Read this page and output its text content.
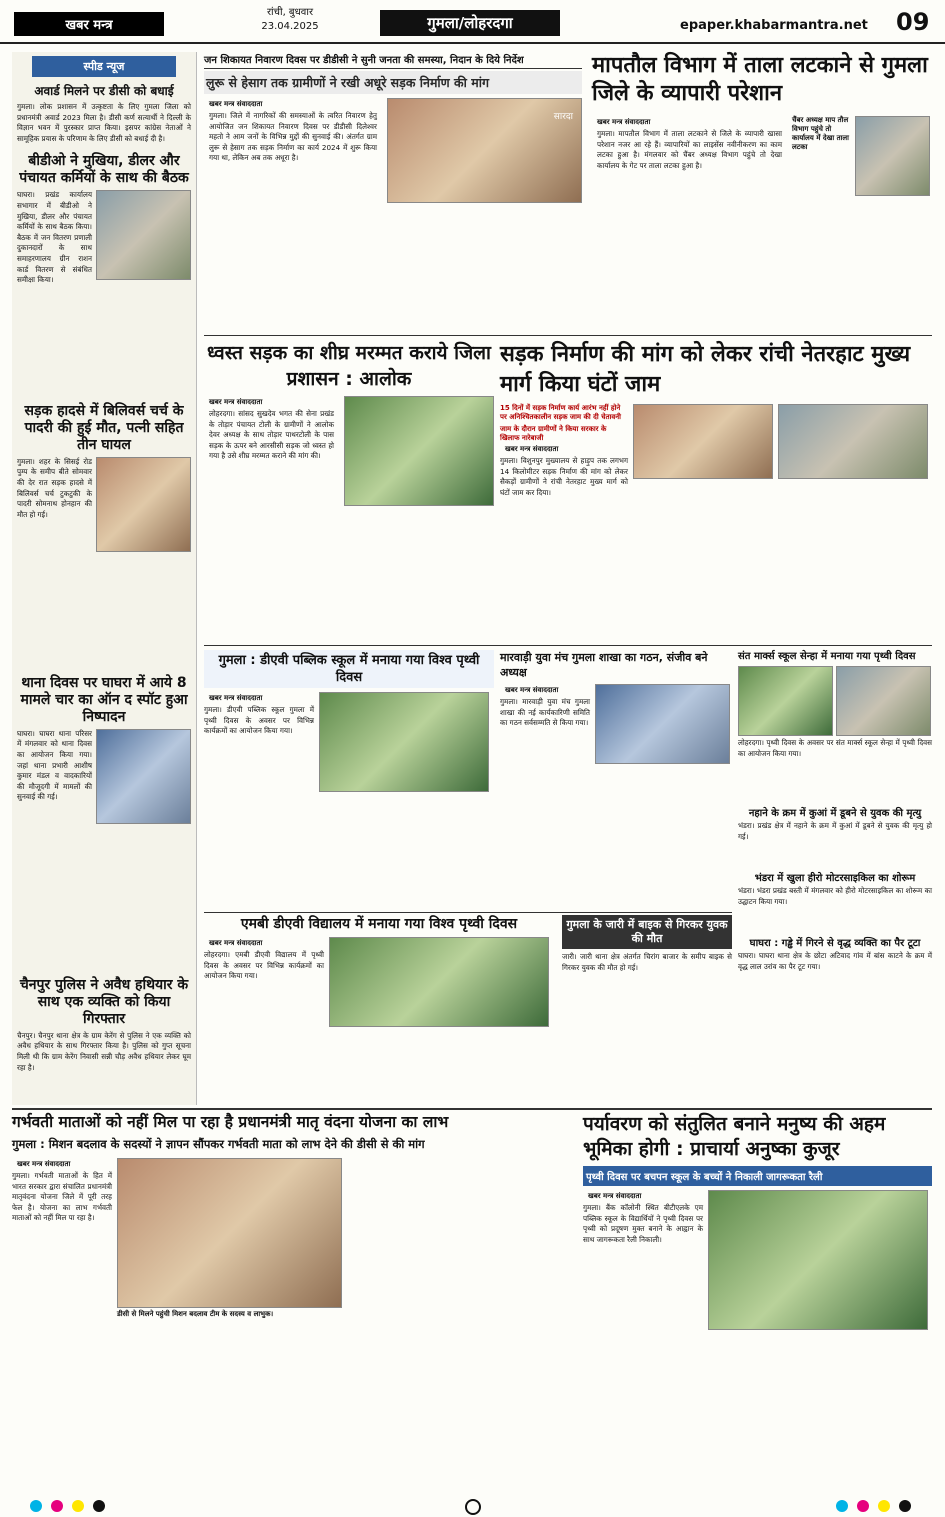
खबर मन्त्र
रांची, बुधवार
23.04.2025	गुमला/लोहरदगा	epaper.khabarmantra.net 09
स्पीड न्यूज
अवार्ड मिलने पर डीसी को बधाई

गुमला। लोक प्रशासन में उत्कृष्टता के लिए गुमला जिला को प्रधानमंत्री अवार्ड 2023 मिला है। डीसी कर्ण सत्यार्थी ने दिल्ली के विज्ञान भवन में पुरस्कार प्राप्त किया। इसपर कांग्रेस नेताओं ने सामूहिक प्रयास के परिणाम के लिए डीसी को बधाई दी है।

बीडीओ ने मुखिया, डीलर और पंचायत कर्मियों के साथ की बैठक

घाघरा। प्रखंड कार्यालय सभागार में बीडीओ ने मुखिया, डीलर और पंचायत कर्मियों के साथ बैठक किया। बैठक में जन वितरण प्रणाली दुकानदारों के साथ समाहरणालय ग्रीन राशन कार्ड वितरण से संबंधित समीक्षा किया।

सड़क हादसे में बिलिवर्स चर्च के पादरी की हुई मौत, पत्नी सहित तीन घायल

गुमला। शहर के सिसई रोड पुम्प के समीप बीते सोमवार की देर रात सड़क हादसे में बिलिवर्स चर्च टुकटुकी के पादरी सोमनाथ होनहान की मौत हो गई।

थाना दिवस पर घाघरा में आये 8 मामले चार का ऑन द स्पॉट हुआ निष्पादन

घाघरा। घाघरा थाना परिसर में मंगलवार को थाना दिवस का आयोजन किया गया। जहां थाना प्रभारी आशीष कुमार मंडल व वादकारियों की मौजूदगी में मामलों की सुनवाई की गई।

चैनपुर पुलिस ने अवैध हथियार के साथ एक व्यक्ति को किया गिरफ्तार

चैनपुर। चैनपुर थाना क्षेत्र के ग्राम केरेंग से पुलिस ने एक व्यक्ति को अवैध हथियार के साथ गिरफ्तार किया है। पुलिस को गुप्त सूचना मिली थी कि ग्राम केरेंग निवासी सन्नी चौड़ अवैध हथियार लेकर घूम रहा है।

जन शिकायत निवारण दिवस पर डीडीसी ने सुनी जनता की समस्या, निदान के दिये निर्देश
लुरू से हेसाग तक ग्रामीणों ने रखी अधूरे सड़क निर्माण की मांग
खबर मन्त्र संवाददाता

गुमला। जिले में नागरिकों की समस्याओं के त्वरित निवारण हेतु आयोजित जन शिकायत निवारण दिवस पर डीडीसी दिलेश्वर महतो ने आम जनों के विभिन्न मुद्दों की सुनवाई की। अंतर्गत ग्राम लुरू से हेसाग तक सड़क निर्माण का कार्य 2024 में शुरू किया गया था, लेकिन अब तक अधूरा है।

सारदा
मापतौल विभाग में ताला लटकाने से गुमला जिले के व्यापारी परेशान
खबर मन्त्र संवाददाता

गुमला। मापतौल विभाग में ताला लटकाने से जिले के व्यापारी खासा परेशान नजर आ रहे हैं। व्यापारियों का लाइसेंस नवीनीकरण का काम लटका हुआ है। मंगलवार को चैंबर अध्यक्ष विभाग पहुंचे तो देखा कार्यालय के गेट पर ताला लटका हुआ है।

चैंबर अध्यक्ष माप तौल विभाग पहुंचे तो कार्यालय में देखा ताला लटका
ध्वस्त सड़क का शीघ्र मरम्मत कराये जिला प्रशासन : आलोक
खबर मन्त्र संवाददाता

लोहरदगा। सांसद सुखदेव भगत की सेना प्रखंड के तोड़ार पंचायत टोली के ग्रामीणों ने आलोक देवर अध्यक्ष के साथ तोड़ार पाथरटोली के पास सड़क के ऊपर बने आरसीसी सड़क जो ध्वस्त हो गया है उसे शीघ्र मरम्मत कराने की मांग की।

सड़क निर्माण की मांग को लेकर रांची नेतरहाट मुख्य मार्ग किया घंटों जाम
15 दिनों में सड़क निर्माण कार्य आरंभ नहीं होने पर अनिश्चितकालीन सड़क जाम की दी चेतावनी
जाम के दौरान ग्रामीणों ने किया सरकार के खिलाफ नारेबाजी
खबर मन्त्र संवाददाता

गुमला। विशुनपुर मुख्यालय से हाड़ुप तक लगभग 14 किलोमीटर सड़क निर्माण की मांग को लेकर सैकड़ों ग्रामीणों ने रांची नेतरहाट मुख्य मार्ग को घंटों जाम कर दिया।

गुमला : डीएवी पब्लिक स्कूल में मनाया गया विश्व पृथ्वी दिवस
खबर मन्त्र संवाददाता

गुमला। डीएवी पब्लिक स्कूल गुमला में पृथ्वी दिवस के अवसर पर विभिन्न कार्यक्रमों का आयोजन किया गया।

मारवाड़ी युवा मंच गुमला शाखा का गठन, संजीव बने अध्यक्ष
खबर मन्त्र संवाददाता

गुमला। मारवाड़ी युवा मंच गुमला शाखा की नई कार्यकारिणी समिति का गठन सर्वसम्मति से किया गया।

संत मार्क्स स्कूल सेन्हा में मनाया गया पृथ्वी दिवस

लोहरदगा। पृथ्वी दिवस के अवसर पर संत मार्क्स स्कूल सेन्हा में पृथ्वी दिवस का आयोजन किया गया।

नहाने के क्रम में कुआं में डूबने से युवक की मृत्यु

भंडरा। प्रखंड क्षेत्र में नहाने के क्रम में कुआं में डूबने से युवक की मृत्यु हो गई।

भंडरा में खुला हीरो मोटरसाइकिल का शोरूम

भंडरा। भंडरा प्रखंड बस्ती में मंगलवार को हीरो मोटरसाइकिल का शोरूम का उद्घाटन किया गया।

घाघरा : गड्ढे में गिरने से वृद्ध व्यक्ति का पैर टूटा

घाघरा। घाघरा थाना क्षेत्र के छोटा अटिवाद गांव में बांस काटने के क्रम में वृद्ध लाल उरांव का पैर टूट गया।

एमबी डीएवी विद्यालय में मनाया गया विश्व पृथ्वी दिवस
खबर मन्त्र संवाददाता

लोहरदगा। एमबी डीएवी विद्यालय में पृथ्वी दिवस के अवसर पर विभिन्न कार्यक्रमों का आयोजन किया गया।

गुमला के जारी में बाइक से गिरकर युवक की मौत

जारी। जारी थाना क्षेत्र अंतर्गत चिरांग बाजार के समीप बाइक से गिरकर युवक की मौत हो गई।

गर्भवती माताओं को नहीं मिल पा रहा है प्रधानमंत्री मातृ वंदना योजना का लाभ
गुमला : मिशन बदलाव के सदस्यों ने ज्ञापन सौंपकर गर्भवती माता को लाभ देने की डीसी से की मांग
खबर मन्त्र संवाददाता

गुमला। गर्भवती माताओं के हित में भारत सरकार द्वारा संचालित प्रधानमंत्री मातृवंदना योजना जिले में पूरी तरह फेल है। योजना का लाभ गर्भवती माताओं को नहीं मिल पा रहा है।

डीसी से मिलने पहुंची मिशन बदलाव टीम के सदस्य व लाभुक।
पर्यावरण को संतुलित बनाने मनुष्य की अहम भूमिका होगी : प्राचार्या अनुष्का कुजूर
पृथ्वी दिवस पर बचपन स्कूल के बच्चों ने निकाली जागरूकता रैली
खबर मन्त्र संवाददाता

गुमला। बैंक कॉलोनी स्थित बीटीएलके एम पब्लिक स्कूल के विद्यार्थियों ने पृथ्वी दिवस पर पृथ्वी को प्रदूषण मुक्त बनाने के आह्वान के साथ जागरूकता रैली निकाली।
